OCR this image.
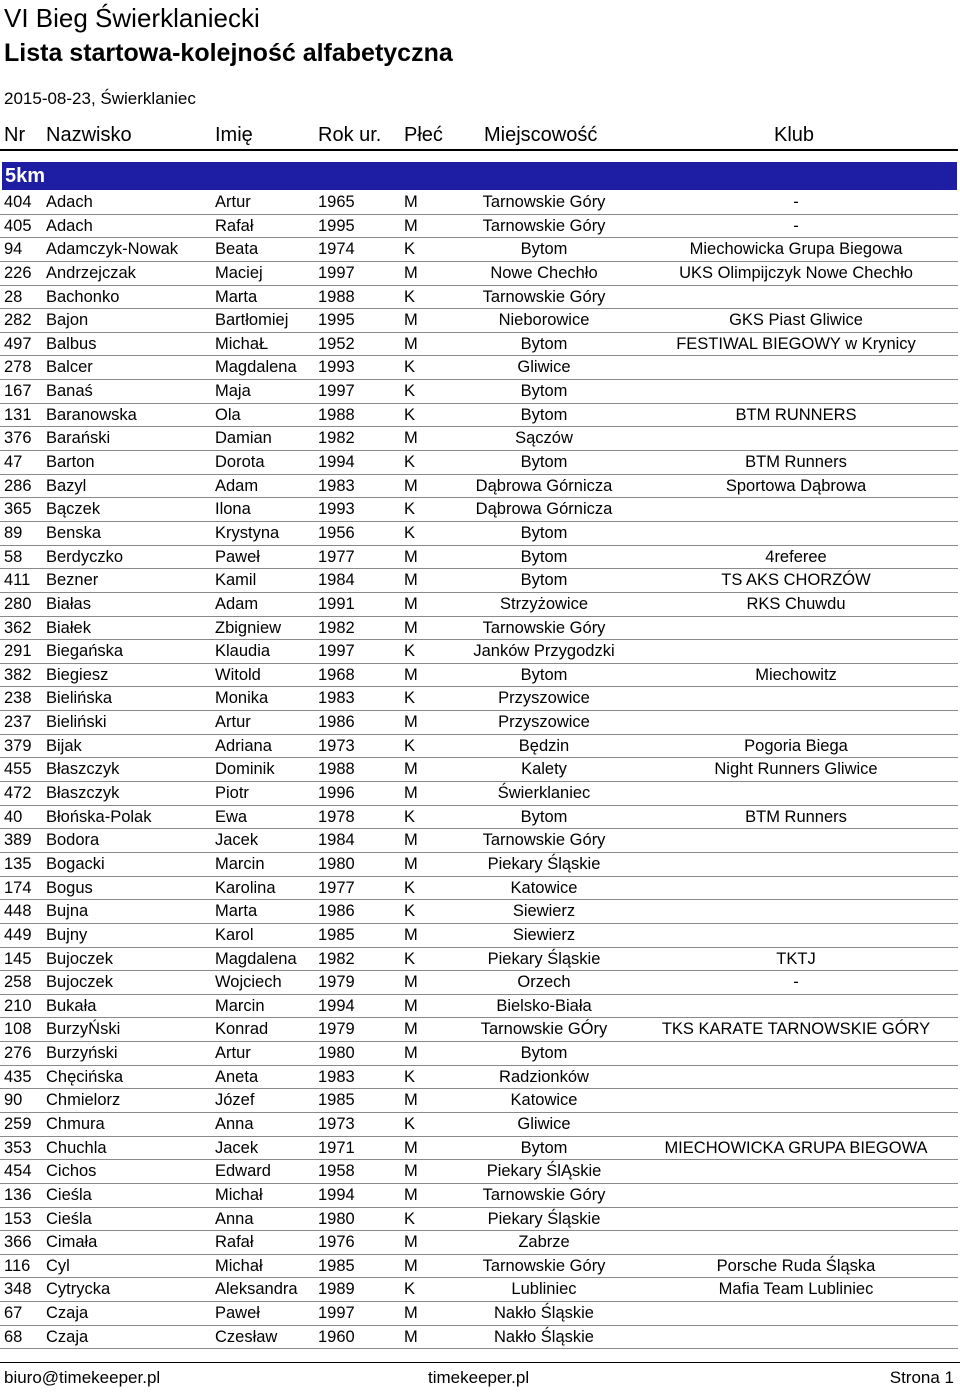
VI Bieg Świerklaniecki
Lista startowa-kolejność alfabetyczna
2015-08-23, Świerklaniec
Nr Nazwisko	Imię	Rok ur. Płeć Miejscowość	Klub
5km
404 Adach	Artur	1965	M	Tarnowskie Góry	-
405 Adach	Rafał	1995	M	Tarnowskie Góry	-
94 Adamczyk-Nowak Beata	1974	K	Bytom	Miechowicka Grupa Biegowa
226 Andrzejczak	Maciej	1997	M	Nowe Chechło	UKS Olimpijczyk Nowe Chechło
28 Bachonko	Marta	1988	K	Tarnowskie Góry
282 Bajon	Bartłomiej 1995	M	Nieborowice	GKS Piast Gliwice
497 Balbus	MichaŁ	1952	M	Bytom	FESTIWAL BIEGOWY w Krynicy
278 Balcer	Magdalena 1993	K	Gliwice
167 Banaś	Maja	1997	K	Bytom
131 Baranowska	Ola	1988	K	Bytom	BTM RUNNERS
376 Barański	Damian	1982	M	Sączów
47 Barton	Dorota	1994	K	Bytom	BTM Runners
286 Bazyl	Adam	1983	M	Dąbrowa Górnicza	Sportowa Dąbrowa
365 Bączek	Ilona	1993	K	Dąbrowa Górnicza
89 Benska	Krystyna 1956	K	Bytom
58 Berdyczko	Paweł	1977	M	Bytom	4referee
411 Bezner	Kamil	1984	M	Bytom	TS AKS CHORZÓW
280 Białas	Adam	1991	M	Strzyżowice	RKS Chuwdu
362 Białek	Zbigniew 1982	M	Tarnowskie Góry
291 Biegańska	Klaudia	1997	K	Janków Przygodzki
382 Biegiesz	Witold	1968	M	Bytom	Miechowitz
238 Bielińska	Monika	1983	K	Przyszowice
237 Bieliński	Artur	1986	M	Przyszowice
379 Bijak	Adriana	1973	K	Będzin	Pogoria Biega
455 Błaszczyk	Dominik	1988	M	Kalety	Night Runners Gliwice
472 Błaszczyk	Piotr	1996	M	Świerklaniec
40 Błońska-Polak	Ewa	1978	K	Bytom	BTM Runners
389 Bodora	Jacek	1984	M	Tarnowskie Góry
135 Bogacki	Marcin	1980	M	Piekary Śląskie
174 Bogus	Karolina	1977	K	Katowice
448 Bujna	Marta	1986	K	Siewierz
449 Bujny	Karol	1985	M	Siewierz
145 Bujoczek	Magdalena 1982	K	Piekary Śląskie	TKTJ
258 Bujoczek	Wojciech 1979	M	Orzech	-
210 Bukała	Marcin	1994	M	Bielsko-Biała
108 BurzyŃski	Konrad	1979	M	Tarnowskie GÓry	TKS KARATE TARNOWSKIE GÓRY
276 Burzyński	Artur	1980	M	Bytom
435 Chęcińska	Aneta	1983	K	Radzionków
90 Chmielorz	Józef	1985	M	Katowice
259 Chmura	Anna	1973	K	Gliwice
353 Chuchla	Jacek	1971	M	Bytom	MIECHOWICKA GRUPA BIEGOWA
454 Cichos	Edward	1958	M	Piekary ŚlĄskie
136 Cieśla	Michał	1994	M	Tarnowskie Góry
153 Cieśla	Anna	1980	K	Piekary Śląskie
366 Cimała	Rafał	1976	M	Zabrze
116 Cyl	Michał	1985	M	Tarnowskie Góry	Porsche Ruda Śląska
348 Cytrycka	Aleksandra 1989	K	Lubliniec	Mafia Team Lubliniec
67 Czaja	Paweł	1997	M	Nakło Śląskie
68 Czaja	Czesław 1960	M	Nakło Śląskie
biuro@timekeeper.pl	timekeeper.pl	Strona 1
